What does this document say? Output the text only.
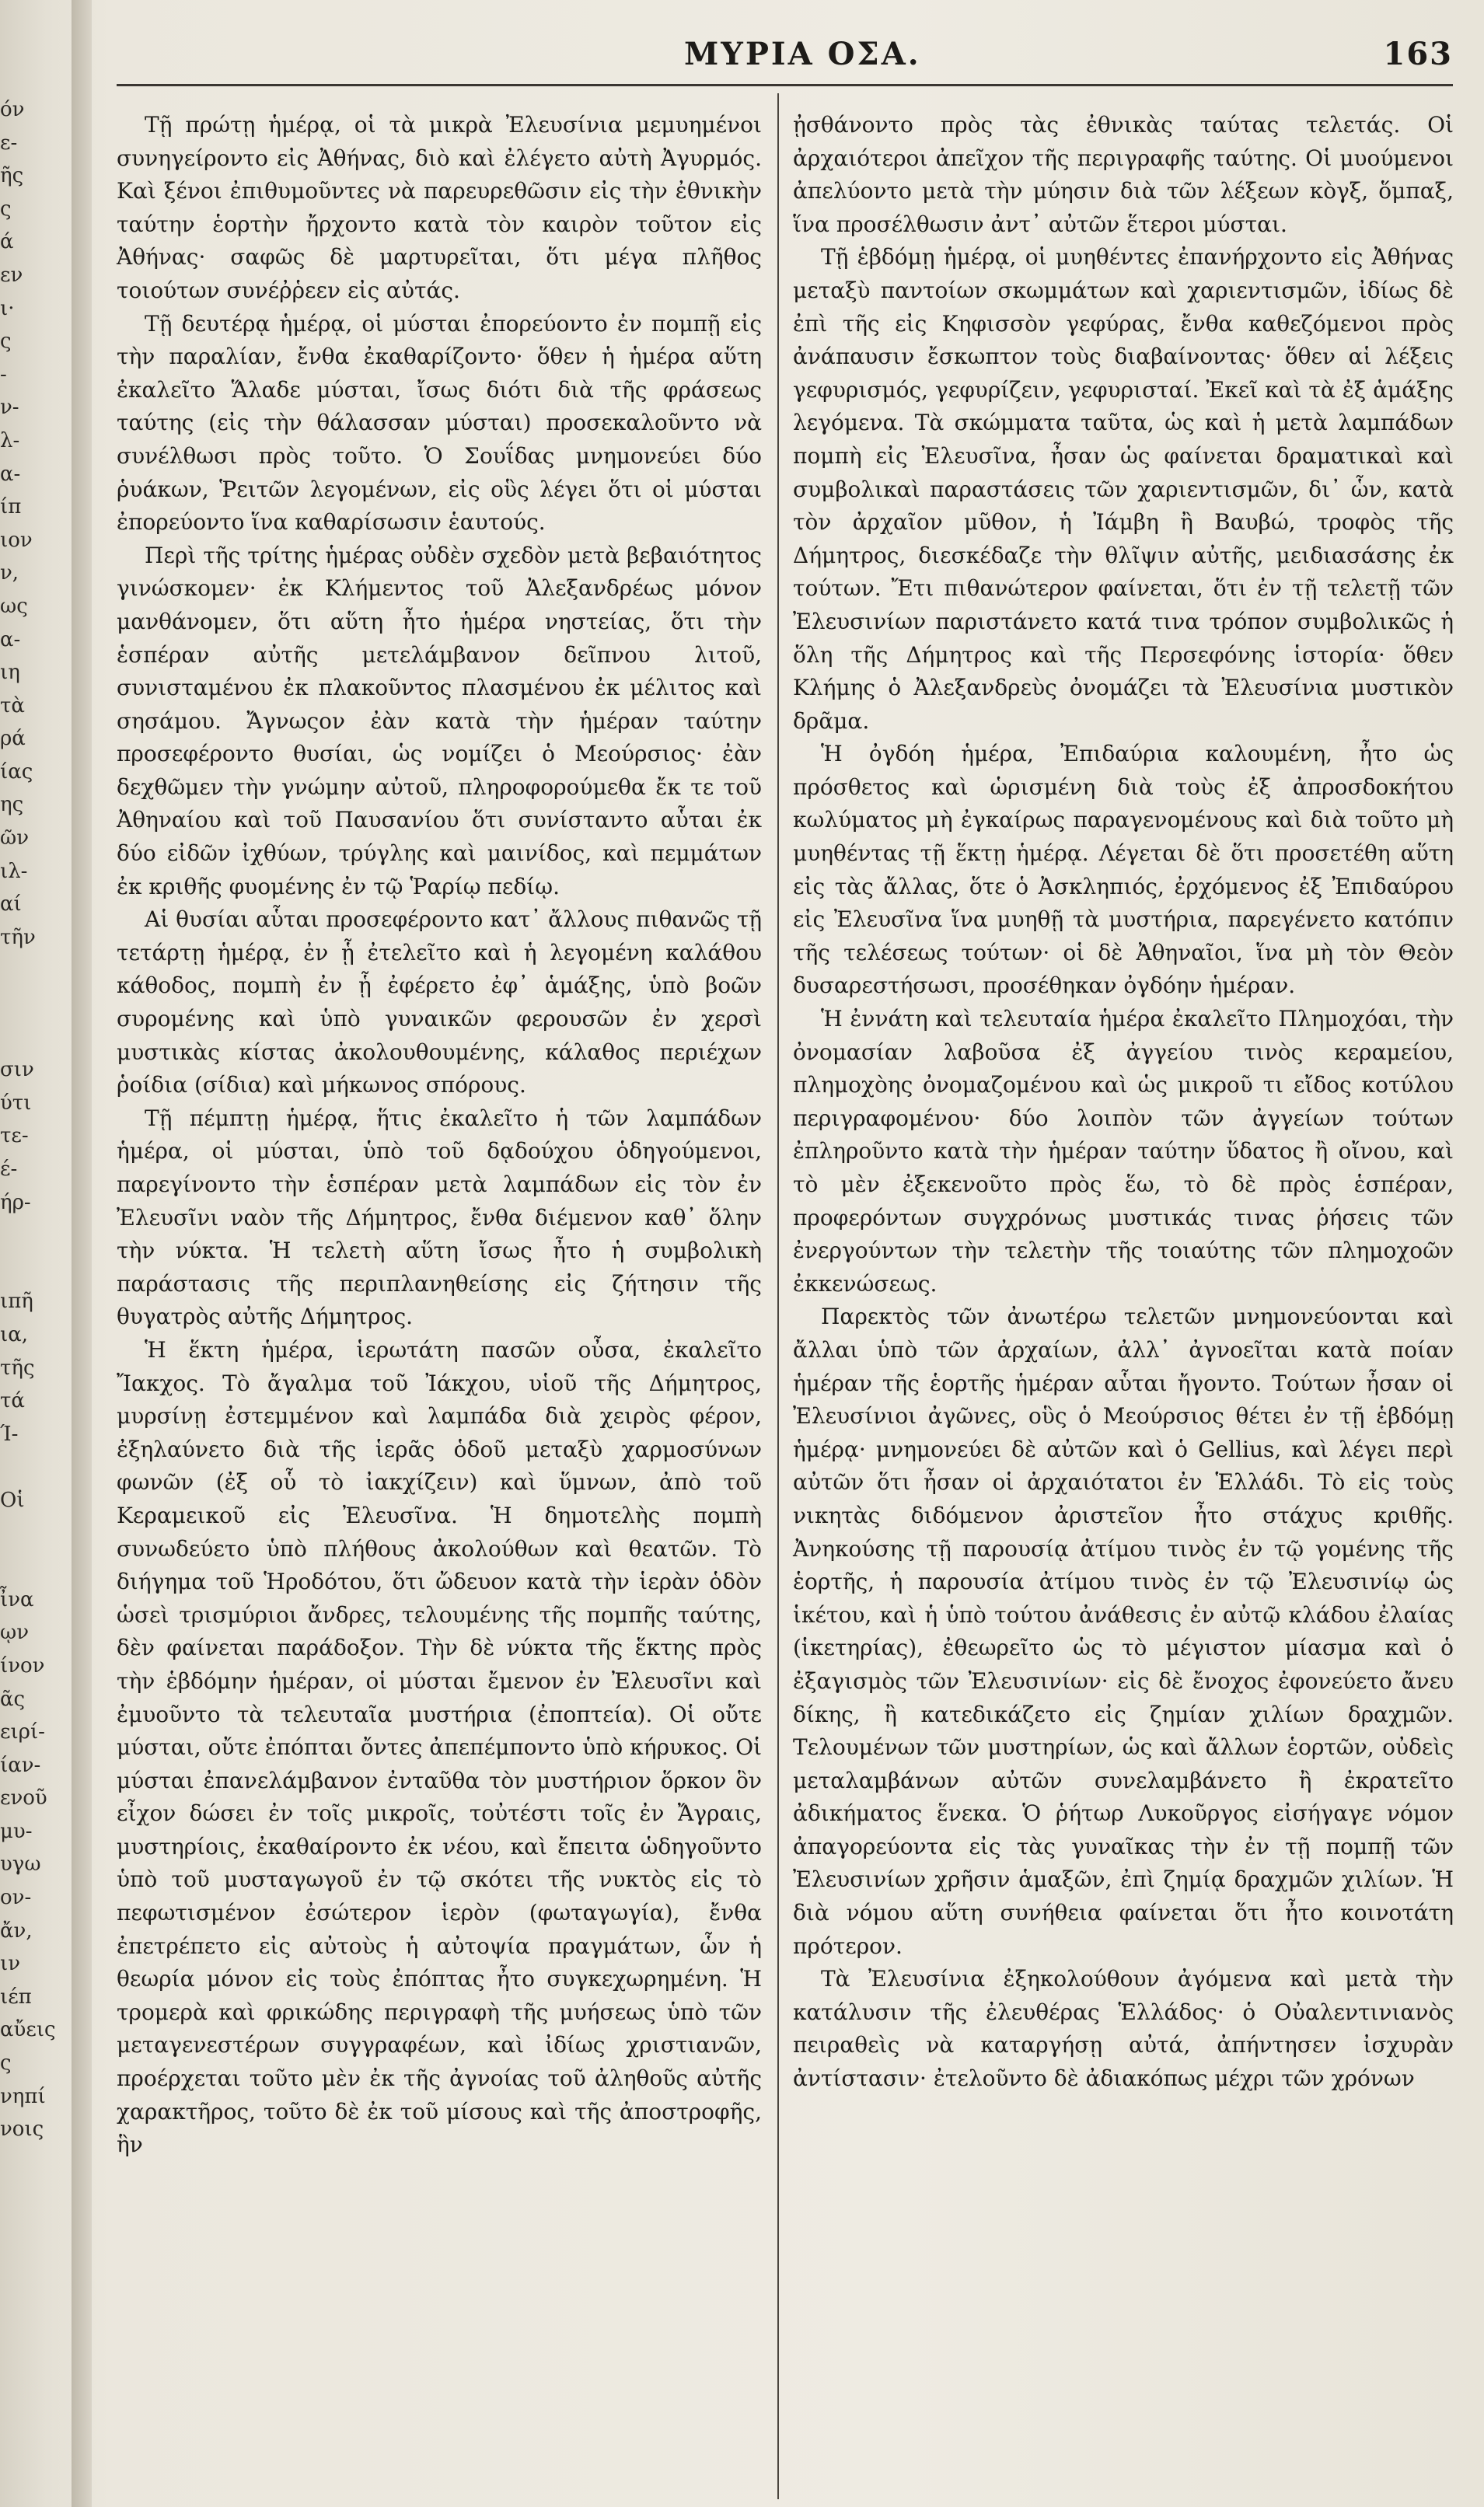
όν
ε-
ῆς
ς
ά
εν
ι·
ς
-
ν-
λ-
α-
ίπ
ιον
ν,
ως
α-
ιη
τὰ
ρά
ίας
ης
ῶν
ιλ-
αί
τῆν
σιν
ύτι
τε-
έ-
ήρ-
ιπῆ
ια,
τῆς
τά
Ί-
Οἱ
ἶνα
ῳν
ίνον
ᾶς
ειρί-
ίαν-
ενοῦ
μυ-
υγω
ον-
ἄν,
ιν
ιέπ
αὔεις
ς
νηπί
νοις
ΜΥΡΙΑ ΟΣΑ.	163

Τῇ πρώτῃ ἡμέρᾳ, οἱ τὰ μικρὰ Ἐλευσίνια μεμυημένοι συνηγείροντο εἰς Ἀθήνας, διὸ καὶ ἐλέγετο αὐτὴ Ἀγυρμός. Καὶ ξένοι ἐπιθυμοῦντες νὰ παρευρεθῶσιν εἰς τὴν ἐθνικὴν ταύτην ἑορτὴν ἤρχοντο κατὰ τὸν καιρὸν τοῦτον εἰς Ἀθήνας· σαφῶς δὲ μαρτυρεῖται, ὅτι μέγα πλῆθος τοιούτων συνέῤῥεεν εἰς αὐτάς.

Τῇ δευτέρᾳ ἡμέρᾳ, οἱ μύσται ἐπορεύοντο ἐν πομπῇ εἰς τὴν παραλίαν, ἔνθα ἐκαθαρίζοντο· ὅθεν ἡ ἡμέρα αὕτη ἐκαλεῖτο Ἅλαδε μύσται, ἴσως διότι διὰ τῆς φράσεως ταύτης (εἰς τὴν θάλασσαν μύσται) προσεκαλοῦντο νὰ συνέλθωσι πρὸς τοῦτο. Ὁ Σουΐδας μνημονεύει δύο ῥυάκων, Ῥειτῶν λεγομένων, εἰς οὓς λέγει ὅτι οἱ μύσται ἐπορεύοντο ἵνα καθαρίσωσιν ἑαυτούς.

Περὶ τῆς τρίτης ἡμέρας οὐδὲν σχεδὸν μετὰ βεβαιότητος γινώσκομεν· ἐκ Κλήμεντος τοῦ Ἀλεξανδρέως μόνον μανθάνομεν, ὅτι αὕτη ἦτο ἡμέρα νηστείας, ὅτι τὴν ἑσπέραν αὐτῆς μετελάμβανον δεῖπνου λιτοῦ, συνισταμένου ἐκ πλακοῦντος πλασμένου ἐκ μέλιτος καὶ σησάμου. Ἄγνωςον ἐὰν κατὰ τὴν ἡμέραν ταύτην προσεφέροντο θυσίαι, ὡς νομίζει ὁ Μεούρσιος· ἐὰν δεχθῶμεν τὴν γνώμην αὐτοῦ, πληροφορούμεθα ἔκ τε τοῦ Ἀθηναίου καὶ τοῦ Παυσανίου ὅτι συνίσταντο αὗται ἐκ δύο εἰδῶν ἰχθύων, τρύγλης καὶ μαινίδος, καὶ πεμμάτων ἐκ κριθῆς φυομένης ἐν τῷ Ῥαρίῳ πεδίῳ.

Αἱ θυσίαι αὗται προσεφέροντο κατ᾽ ἄλλους πιθανῶς τῇ τετάρτῃ ἡμέρᾳ, ἐν ᾗ ἐτελεῖτο καὶ ἡ λεγομένη καλάθου κάθοδος, πομπὴ ἐν ᾗ ἐφέρετο ἐφ᾽ ἁμάξης, ὑπὸ βοῶν συρομένης καὶ ὑπὸ γυναικῶν φερουσῶν ἐν χερσὶ μυστικὰς κίστας ἀκολουθουμένης, κάλαθος περιέχων ῥοίδια (σίδια) καὶ μήκωνος σπόρους.

Τῇ πέμπτῃ ἡμέρᾳ, ἥτις ἐκαλεῖτο ἡ τῶν λαμπάδων ἡμέρα, οἱ μύσται, ὑπὸ τοῦ δᾳδούχου ὁδηγούμενοι, παρεγίνοντο τὴν ἑσπέραν μετὰ λαμπάδων εἰς τὸν ἐν Ἐλευσῖνι ναὸν τῆς Δήμητρος, ἔνθα διέμενον καθ᾽ ὅλην τὴν νύκτα. Ἡ τελετὴ αὕτη ἴσως ἦτο ἡ συμβολικὴ παράστασις τῆς περιπλανηθείσης εἰς ζήτησιν τῆς θυγατρὸς αὐτῆς Δήμητρος.

Ἡ ἕκτη ἡμέρα, ἱερωτάτη πασῶν οὖσα, ἐκαλεῖτο Ἴακχος. Τὸ ἄγαλμα τοῦ Ἰάκχου, υἱοῦ τῆς Δήμητρος, μυρσίνῃ ἐστεμμένον καὶ λαμπάδα διὰ χειρὸς φέρον, ἐξηλαύνετο διὰ τῆς ἱερᾶς ὁδοῦ μεταξὺ χαρμοσύνων φωνῶν (ἐξ οὗ τὸ ἰακχίζειν) καὶ ὕμνων, ἀπὸ τοῦ Κεραμεικοῦ εἰς Ἐλευσῖνα. Ἡ δημοτελὴς πομπὴ συνωδεύετο ὑπὸ πλήθους ἀκολούθων καὶ θεατῶν. Τὸ διήγημα τοῦ Ἡροδότου, ὅτι ὤδευον κατὰ τὴν ἱερὰν ὁδὸν ὡσεὶ τρισμύριοι ἄνδρες, τελουμένης τῆς πομπῆς ταύτης, δὲν φαίνεται παράδοξον. Τὴν δὲ νύκτα τῆς ἕκτης πρὸς τὴν ἑβδόμην ἡμέραν, οἱ μύσται ἔμενον ἐν Ἐλευσῖνι καὶ ἐμυοῦντο τὰ τελευταῖα μυστήρια (ἐποπτεία). Οἱ οὔτε μύσται, οὔτε ἐπόπται ὄντες ἀπεπέμποντο ὑπὸ κήρυκος. Οἱ μύσται ἐπανελάμβανον ἐνταῦθα τὸν μυστήριον ὅρκον ὃν εἶχον δώσει ἐν τοῖς μικροῖς, τοὐτέστι τοῖς ἐν Ἄγραις, μυστηρίοις, ἐκαθαίροντο ἐκ νέου, καὶ ἔπειτα ὡδηγοῦντο ὑπὸ τοῦ μυσταγωγοῦ ἐν τῷ σκότει τῆς νυκτὸς εἰς τὸ πεφωτισμένον ἐσώτερον ἱερὸν (φωταγωγία), ἔνθα ἐπετρέπετο εἰς αὐτοὺς ἡ αὐτοψία πραγμάτων, ὧν ἡ θεωρία μόνον εἰς τοὺς ἐπόπτας ἦτο συγκεχωρημένη. Ἡ τρομερὰ καὶ φρικώδης περιγραφὴ τῆς μυήσεως ὑπὸ τῶν μεταγενεστέρων συγγραφέων, καὶ ἰδίως χριστιανῶν, προέρχεται τοῦτο μὲν ἐκ τῆς ἀγνοίας τοῦ ἀληθοῦς αὐτῆς χαρακτῆρος, τοῦτο δὲ ἐκ τοῦ μίσους καὶ τῆς ἀποστροφῆς, ἣν

ᾐσθάνοντο πρὸς τὰς ἐθνικὰς ταύτας τελετάς. Οἱ ἀρχαιότεροι ἀπεῖχον τῆς περιγραφῆς ταύτης. Οἱ μυούμενοι ἀπελύοντο μετὰ τὴν μύησιν διὰ τῶν λέξεων κὸγξ, ὅμπαξ, ἵνα προσέλθωσιν ἀντ᾽ αὐτῶν ἕτεροι μύσται.

Τῇ ἑβδόμῃ ἡμέρᾳ, οἱ μυηθέντες ἐπανήρχοντο εἰς Ἀθήνας μεταξὺ παντοίων σκωμμάτων καὶ χαριεντισμῶν, ἰδίως δὲ ἐπὶ τῆς εἰς Κηφισσὸν γεφύρας, ἔνθα καθεζόμενοι πρὸς ἀνάπαυσιν ἔσκωπτον τοὺς διαβαίνοντας· ὅθεν αἱ λέξεις γεφυρισμός, γεφυρίζειν, γεφυρισταί. Ἐκεῖ καὶ τὰ ἐξ ἁμάξης λεγόμενα. Τὰ σκώμματα ταῦτα, ὡς καὶ ἡ μετὰ λαμπάδων πομπὴ εἰς Ἐλευσῖνα, ἦσαν ὡς φαίνεται δραματικαὶ καὶ συμβολικαὶ παραστάσεις τῶν χαριεντισμῶν, δι᾽ ὧν, κατὰ τὸν ἀρχαῖον μῦθον, ἡ Ἰάμβη ἢ Βαυβώ, τροφὸς τῆς Δήμητρος, διεσκέδαζε τὴν θλῖψιν αὐτῆς, μειδιασάσης ἐκ τούτων. Ἔτι πιθανώτερον φαίνεται, ὅτι ἐν τῇ τελετῇ τῶν Ἐλευσινίων παριστάνετο κατά τινα τρόπον συμβολικῶς ἡ ὅλη τῆς Δήμητρος καὶ τῆς Περσεφόνης ἱστορία· ὅθεν Κλήμης ὁ Ἀλεξανδρεὺς ὀνομάζει τὰ Ἐλευσίνια μυστικὸν δρᾶμα.

Ἡ ὀγδόη ἡμέρα, Ἐπιδαύρια καλουμένη, ἦτο ὡς πρόσθετος καὶ ὡρισμένη διὰ τοὺς ἐξ ἀπροσδοκήτου κωλύματος μὴ ἐγκαίρως παραγενομένους καὶ διὰ τοῦτο μὴ μυηθέντας τῇ ἕκτῃ ἡμέρᾳ. Λέγεται δὲ ὅτι προσετέθη αὕτη εἰς τὰς ἄλλας, ὅτε ὁ Ἀσκληπιός, ἐρχόμενος ἐξ Ἐπιδαύρου εἰς Ἐλευσῖνα ἵνα μυηθῇ τὰ μυστήρια, παρεγένετο κατόπιν τῆς τελέσεως τούτων· οἱ δὲ Ἀθηναῖοι, ἵνα μὴ τὸν Θεὸν δυσαρεστήσωσι, προσέθηκαν ὀγδόην ἡμέραν.

Ἡ ἐννάτη καὶ τελευταία ἡμέρα ἐκαλεῖτο Πλημοχόαι, τὴν ὀνομασίαν λαβοῦσα ἐξ ἀγγείου τινὸς κεραμείου, πλημοχὸης ὀνομαζομένου καὶ ὡς μικροῦ τι εἴδος κοτύλου περιγραφομένου· δύο λοιπὸν τῶν ἀγγείων τούτων ἐπληροῦντο κατὰ τὴν ἡμέραν ταύτην ὕδατος ἢ οἴνου, καὶ τὸ μὲν ἐξεκενοῦτο πρὸς ἕω, τὸ δὲ πρὸς ἑσπέραν, προφερόντων συγχρόνως μυστικάς τινας ῥήσεις τῶν ἐνεργούντων τὴν τελετὴν τῆς τοιαύτης τῶν πλημοχοῶν ἐκκενώσεως.

Παρεκτὸς τῶν ἀνωτέρω τελετῶν μνημονεύονται καὶ ἄλλαι ὑπὸ τῶν ἀρχαίων, ἀλλ᾽ ἀγνοεῖται κατὰ ποίαν ἡμέραν τῆς ἑορτῆς ἡμέραν αὗται ἤγοντο. Τούτων ἦσαν οἱ Ἐλευσίνιοι ἀγῶνες, οὓς ὁ Μεούρσιος θέτει ἐν τῇ ἑβδόμῃ ἡμέρᾳ· μνημονεύει δὲ αὐτῶν καὶ ὁ Gellius, καὶ λέγει περὶ αὐτῶν ὅτι ἦσαν οἱ ἀρχαιότατοι ἐν Ἑλλάδι. Τὸ εἰς τοὺς νικητὰς διδόμενον ἀριστεῖον ἦτο στάχυς κριθῆς. Ἀνηκούσης τῇ παρουσίᾳ ἀτίμου τινὸς ἐν τῷ γομένης τῆς ἑορτῆς, ἡ παρουσία ἀτίμου τινὸς ἐν τῷ Ἐλευσινίῳ ὡς ἱκέτου, καὶ ἡ ὑπὸ τούτου ἀνάθεσις ἐν αὐτῷ κλάδου ἐλαίας (ἱκετηρίας), ἐθεωρεῖτο ὡς τὸ μέγιστον μίασμα καὶ ὁ ἐξαγισμὸς τῶν Ἐλευσινίων· εἰς δὲ ἔνοχος ἐφονεύετο ἄνευ δίκης, ἢ κατεδικάζετο εἰς ζημίαν χιλίων δραχμῶν. Τελουμένων τῶν μυστηρίων, ὡς καὶ ἄλλων ἑορτῶν, οὐδεὶς μεταλαμβάνων αὐτῶν συνελαμβάνετο ἢ ἐκρατεῖτο ἀδικήματος ἕνεκα. Ὁ ῥήτωρ Λυκοῦργος εἰσήγαγε νόμον ἀπαγορεύοντα εἰς τὰς γυναῖκας τὴν ἐν τῇ πομπῇ τῶν Ἐλευσινίων χρῆσιν ἁμαξῶν, ἐπὶ ζημίᾳ δραχμῶν χιλίων. Ἡ διὰ νόμου αὕτη συνήθεια φαίνεται ὅτι ἦτο κοινοτάτη πρότερον.

Τὰ Ἐλευσίνια ἐξηκολούθουν ἀγόμενα καὶ μετὰ τὴν κατάλυσιν τῆς ἐλευθέρας Ἑλλάδος· ὁ Οὐαλεντινιανὸς πειραθεὶς νὰ καταργήσῃ αὐτά, ἀπήντησεν ἰσχυρὰν ἀντίστασιν· ἐτελοῦντο δὲ ἀδιακόπως μέχρι τῶν χρόνων
